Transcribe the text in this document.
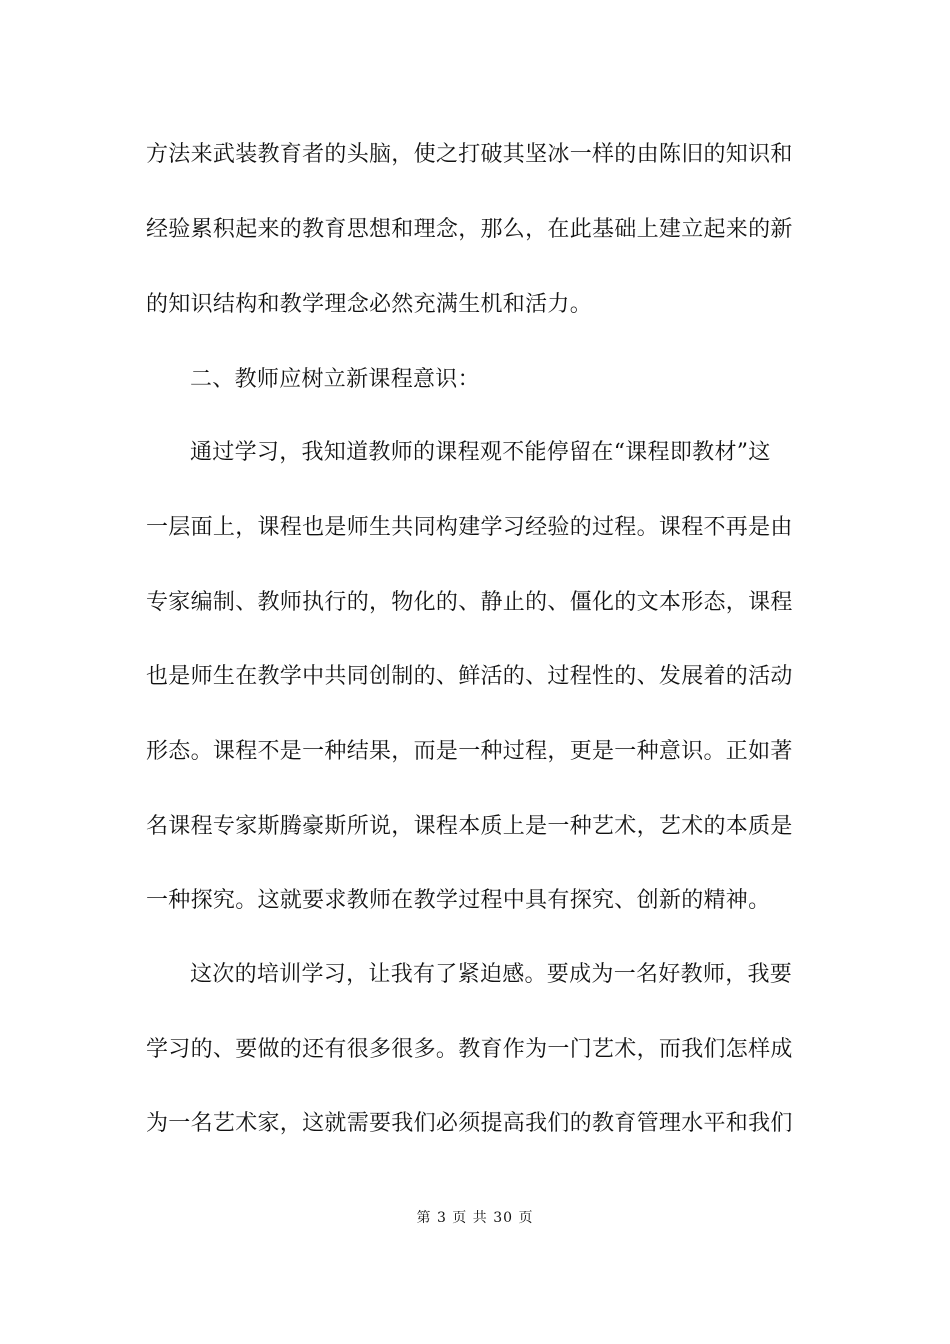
方法来武装教育者的头脑，使之打破其坚冰一样的由陈旧的知识和
经验累积起来的教育思想和理念，那么，在此基础上建立起来的新
的知识结构和教学理念必然充满生机和活力。
二、教师应树立新课程意识：
通过学习，我知道教师的课程观不能停留在“课程即教材”这
一层面上，课程也是师生共同构建学习经验的过程。课程不再是由
专家编制、教师执行的，物化的、静止的、僵化的文本形态，课程
也是师生在教学中共同创制的、鲜活的、过程性的、发展着的活动
形态。课程不是一种结果，而是一种过程，更是一种意识。正如著
名课程专家斯腾豪斯所说，课程本质上是一种艺术，艺术的本质是
一种探究。这就要求教师在教学过程中具有探究、创新的精神。
这次的培训学习，让我有了紧迫感。要成为一名好教师，我要
学习的、要做的还有很多很多。教育作为一门艺术，而我们怎样成
为一名艺术家，这就需要我们必须提高我们的教育管理水平和我们
第 3 页 共 30 页
